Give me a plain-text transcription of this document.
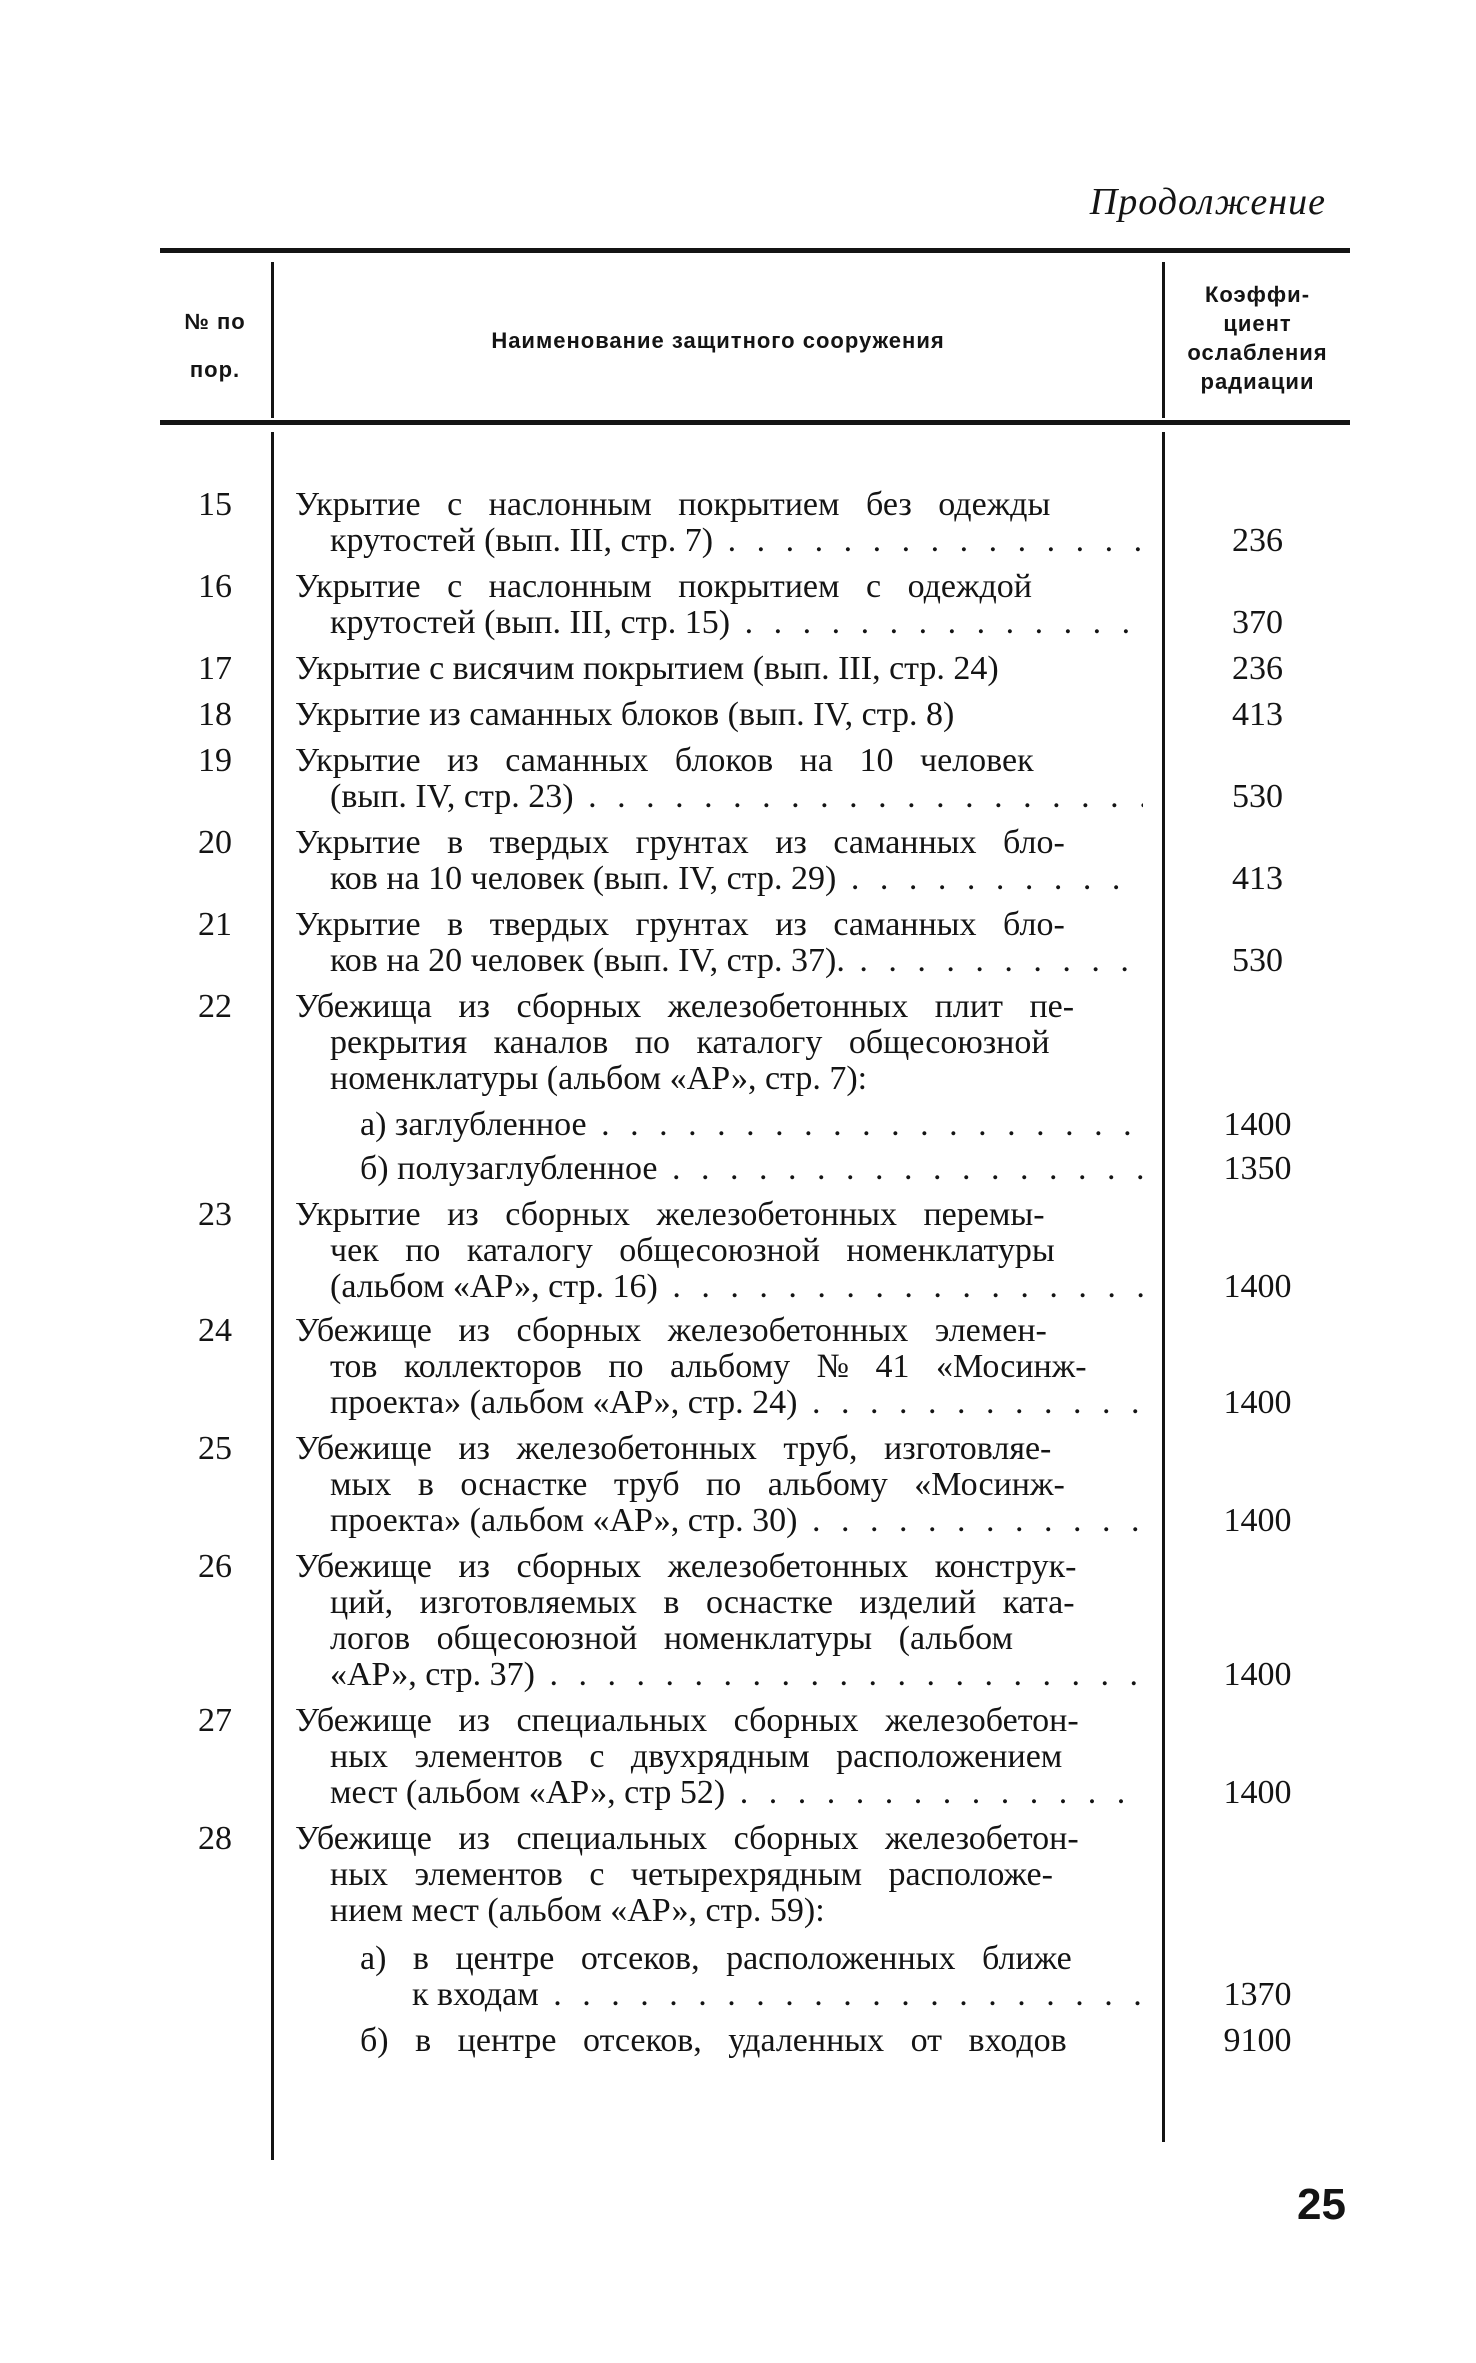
Продолжение
№ по
пор.
Наименование защитного сооружения
Коэффи-
циент
ослабления
радиации
15	Укрытие с наслонным покрытием без одежды
крутостей (вып. III, стр. 7) . . .	236
16	Укрытие с наслонным покрытием с одеждой
крутостей (вып. III, стр. 15) . . .	370
17	Укрытие с висячим покрытием (вып. III, стр. 24)	236
18	Укрытие из саманных блоков (вып. IV, стр. 8)	413
19	Укрытие из саманных блоков на 10 человек
(вып. IV, стр. 23) . . .	530
20	Укрытие в твердых грунтах из саманных бло-
ков на 10 человек (вып. IV, стр. 29) . . .	413
21	Укрытие в твердых грунтах из саманных бло-
ков на 20 человек (вып. IV, стр. 37). . . .	530
22	Убежища из сборных железобетонных плит пе-
рекрытия каналов по каталогу общесоюзной
номенклатуры (альбом «АР», стр. 7):
а) заглубленное . . .	1400
б) полузаглубленное . . .	1350
23	Укрытие из сборных железобетонных перемы-
чек по каталогу общесоюзной номенклатуры
(альбом «АР», стр. 16) . . .	1400
24	Убежище из сборных железобетонных элемен-
тов коллекторов по альбому № 41 «Мосинж-
проекта» (альбом «АР», стр. 24) . . .	1400
25	Убежище из железобетонных труб, изготовляе-
мых в оснастке труб по альбому «Мосинж-
проекта» (альбом «АР», стр. 30) . . .	1400
26	Убежище из сборных железобетонных конструк-
ций, изготовляемых в оснастке изделий ката-
логов общесоюзной номенклатуры (альбом
«АР», стр. 37) . . .	1400
27	Убежище из специальных сборных железобетон-
ных элементов с двухрядным расположением
мест (альбом «АР», стр 52) . . .	1400
28	Убежище из специальных сборных железобетон-
ных элементов с четырехрядным расположе-
нием мест (альбом «АР», стр. 59):
а) в центре отсеков, расположенных ближе
к входам . . .	1370
б) в центре отсеков, удаленных от входов	9100
25
